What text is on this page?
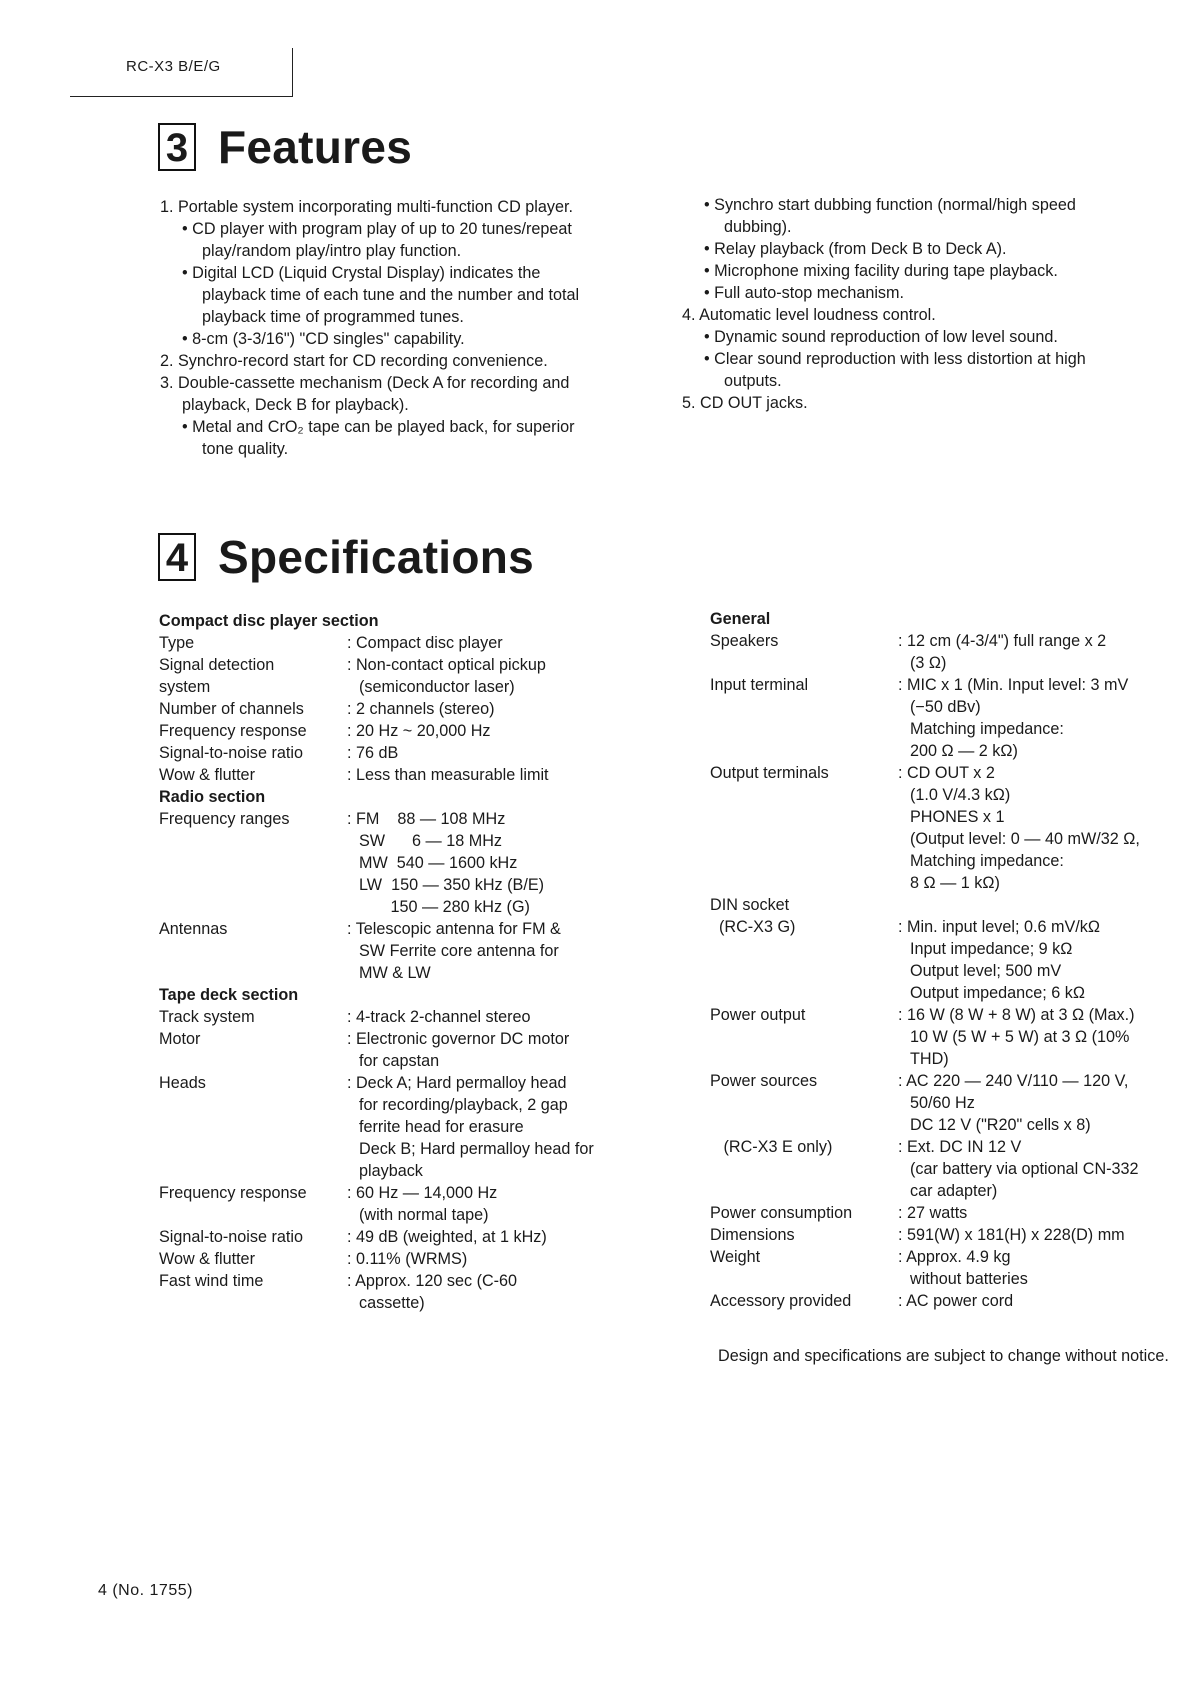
RC-X3 B/E/G
3 Features
1. Portable system incorporating multi-function CD player.
• CD player with program play of up to 20 tunes/repeat
play/random play/intro play function.
• Digital LCD (Liquid Crystal Display) indicates the
playback time of each tune and the number and total
playback time of programmed tunes.
• 8-cm (3-3/16") "CD singles" capability.
2. Synchro-record start for CD recording convenience.
3. Double-cassette mechanism (Deck A for recording and
playback, Deck B for playback).
• Metal and CrO₂ tape can be played back, for superior
tone quality.
• Synchro start dubbing function (normal/high speed
dubbing).
• Relay playback (from Deck B to Deck A).
• Microphone mixing facility during tape playback.
• Full auto-stop mechanism.
4. Automatic level loudness control.
• Dynamic sound reproduction of low level sound.
• Clear sound reproduction with less distortion at high
outputs.
5. CD OUT jacks.
4 Specifications
Compact disc player section
Type	: Compact disc player
Signal detection
system
: Non-contact optical pickup
(semiconductor laser)
Number of channels	: 2 channels (stereo)
Frequency response	: 20 Hz ~ 20,000 Hz
Signal-to-noise ratio	: 76 dB
Wow & flutter	: Less than measurable limit
Radio section
Frequency ranges	: FM    88 — 108 MHz
SW      6 — 18 MHz
MW  540 — 1600 kHz
LW  150 — 350 kHz (B/E)
150 — 280 kHz (G)
Antennas	: Telescopic antenna for FM &
SW Ferrite core antenna for
MW & LW
Tape deck section
Track system	: 4-track 2-channel stereo
Motor	: Electronic governor DC motor
for capstan
Heads	: Deck A; Hard permalloy head
for recording/playback, 2 gap
ferrite head for erasure
Deck B; Hard permalloy head for
playback
Frequency response	: 60 Hz — 14,000 Hz
(with normal tape)
Signal-to-noise ratio	: 49 dB (weighted, at 1 kHz)
Wow & flutter	: 0.11% (WRMS)
Fast wind time	: Approx. 120 sec (C-60
cassette)
General
Speakers	: 12 cm (4-3/4") full range x 2
(3 Ω)
Input terminal	: MIC x 1 (Min. Input level: 3 mV
(−50 dBv)
Matching impedance:
200 Ω — 2 kΩ)
Output terminals	: CD OUT x 2
(1.0 V/4.3 kΩ)
PHONES x 1
(Output level: 0 — 40 mW/32 Ω,
Matching impedance:
8 Ω — 1 kΩ)
DIN socket
(RC-X3 G)	: Min. input level; 0.6 mV/kΩ
Input impedance; 9 kΩ
Output level; 500 mV
Output impedance; 6 kΩ
Power output	: 16 W (8 W + 8 W) at 3 Ω (Max.)
10 W (5 W + 5 W) at 3 Ω (10%
THD)
Power sources	: AC 220 — 240 V/110 — 120 V,
50/60 Hz
DC 12 V ("R20" cells x 8)
(RC-X3 E only)	: Ext. DC IN 12 V
(car battery via optional CN-332
car adapter)
Power consumption	: 27 watts
Dimensions	: 591(W) x 181(H) x 228(D) mm
Weight	: Approx. 4.9 kg
without batteries
Accessory provided	: AC power cord
Design and specifications are subject to change without notice.
4 (No. 1755)
